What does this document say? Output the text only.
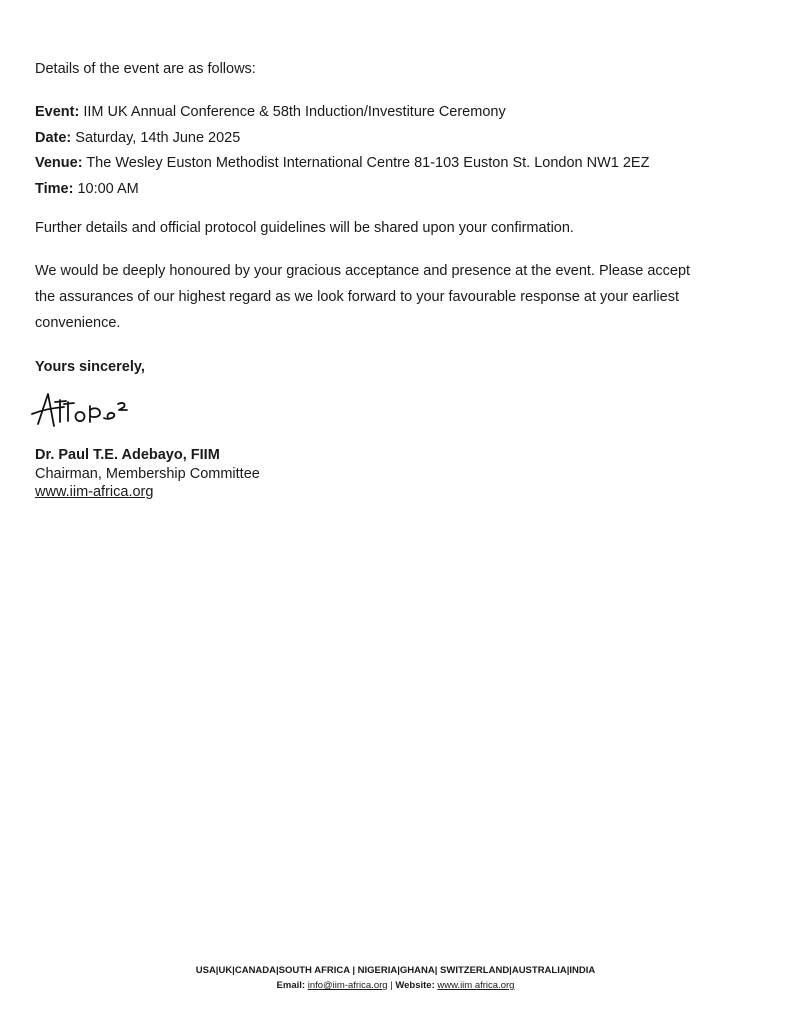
Details of the event are as follows:

Event: IIM UK Annual Conference & 58th Induction/Investiture Ceremony

Date: Saturday, 14th June 2025

Venue: The Wesley Euston Methodist International Centre 81-103 Euston St. London NW1 2EZ

Time: 10:00 AM

Further details and official protocol guidelines will be shared upon your confirmation.

We would be deeply honoured by your gracious acceptance and presence at the event. Please accept

the assurances of our highest regard as we look forward to your favourable response at your earliest

convenience.

Yours sincerely,

Dr. Paul T.E. Adebayo, FIIM
Chairman, Membership Committee
www.iim-africa.org
USA|UK|CANADA|SOUTH AFRICA | NIGERIA|GHANA| SWITZERLAND|AUSTRALIA|INDIA
Email: info@iim-africa.org | Website: www.iim africa.org
